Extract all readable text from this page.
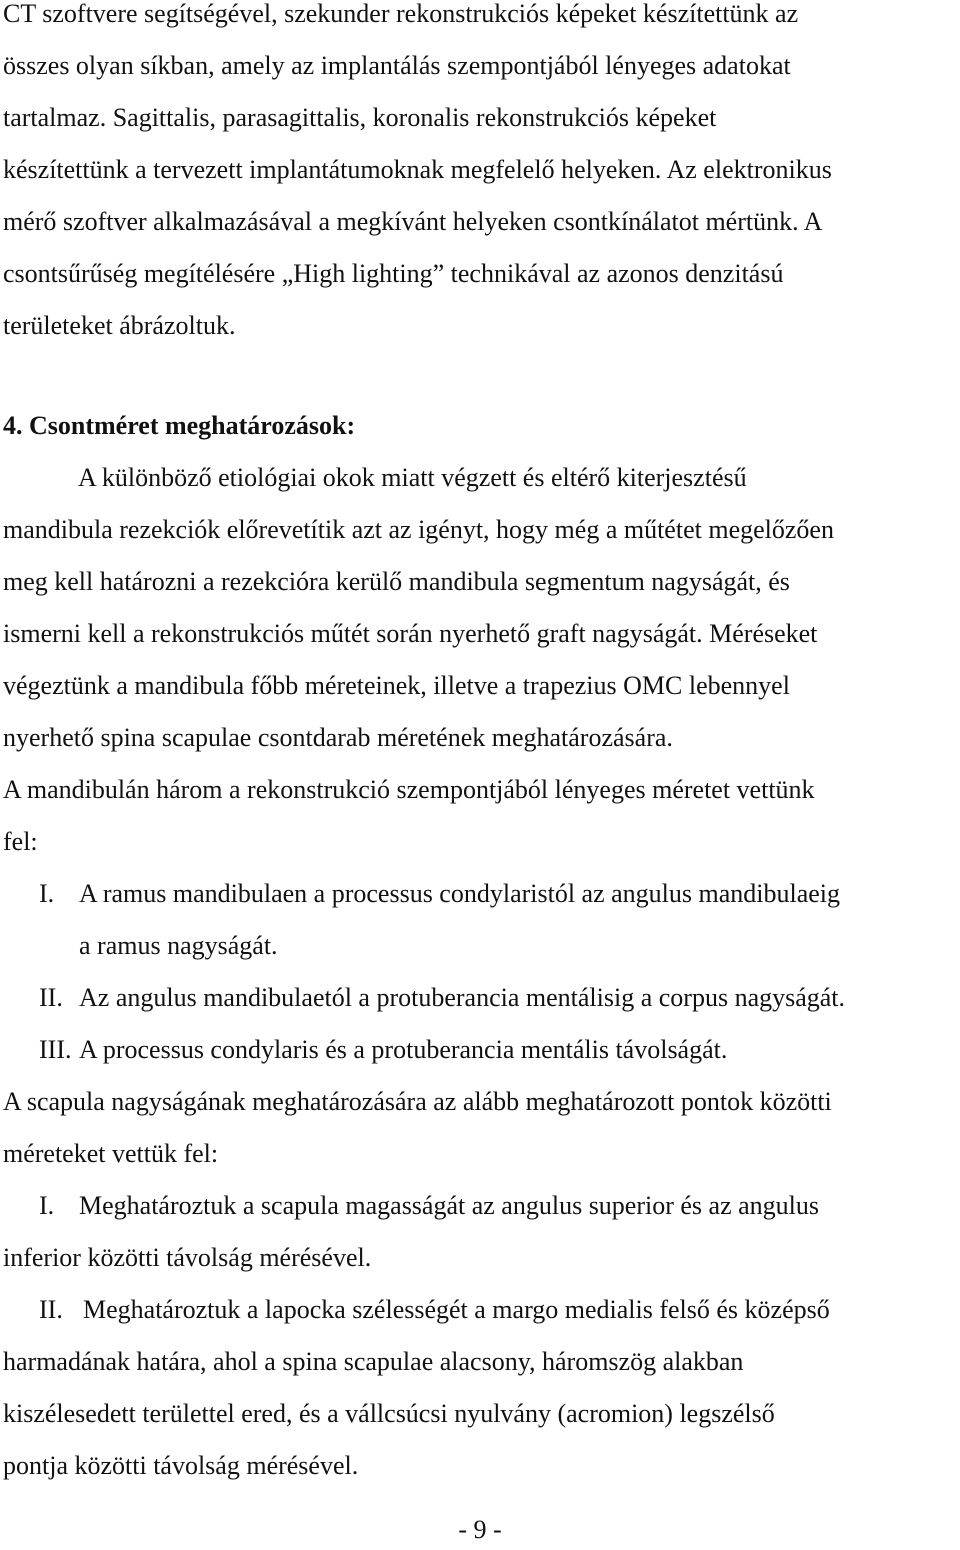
CT szoftvere segítségével, szekunder rekonstrukciós képeket készítettünk az
összes olyan síkban, amely az implantálás szempontjából lényeges adatokat
tartalmaz. Sagittalis, parasagittalis, koronalis rekonstrukciós képeket
készítettünk a tervezett implantátumoknak megfelelő helyeken. Az elektronikus
mérő szoftver alkalmazásával a megkívánt helyeken csontkínálatot mértünk. A
csontsűrűség megítélésére „High lighting” technikával az azonos denzitású
területeket ábrázoltuk.
4. Csontméret meghatározások:
A különböző etiológiai okok miatt végzett és eltérő kiterjesztésű
mandibula rezekciók előrevetítik azt az igényt, hogy még a műtétet megelőzően
meg kell határozni a rezekcióra kerülő mandibula segmentum nagyságát, és
ismerni kell a rekonstrukciós műtét során nyerhető graft nagyságát. Méréseket
végeztünk a mandibula főbb méreteinek, illetve a trapezius OMC lebennyel
nyerhető spina scapulae csontdarab méretének meghatározására.
A mandibulán három a rekonstrukció szempontjából lényeges méretet vettünk
fel:
I. A ramus mandibulaen a processus condylaristól az angulus mandibulaeig
a ramus nagyságát.
II. Az angulus mandibulaetól a protuberancia mentálisig a corpus nagyságát.
III. A processus condylaris és a protuberancia mentális távolságát.
A scapula nagyságának meghatározására az alább meghatározott pontok közötti
méreteket vettük fel:
I. Meghatároztuk a scapula magasságát az angulus superior és az angulus
inferior közötti távolság mérésével.
II. Meghatároztuk a lapocka szélességét a margo medialis felső és középső
harmadának határa, ahol a spina scapulae alacsony, háromszög alakban
kiszélesedett területtel ered, és a vállcsúcsi nyulvány (acromion) legszélső
pontja közötti távolság mérésével.
- 9 -
